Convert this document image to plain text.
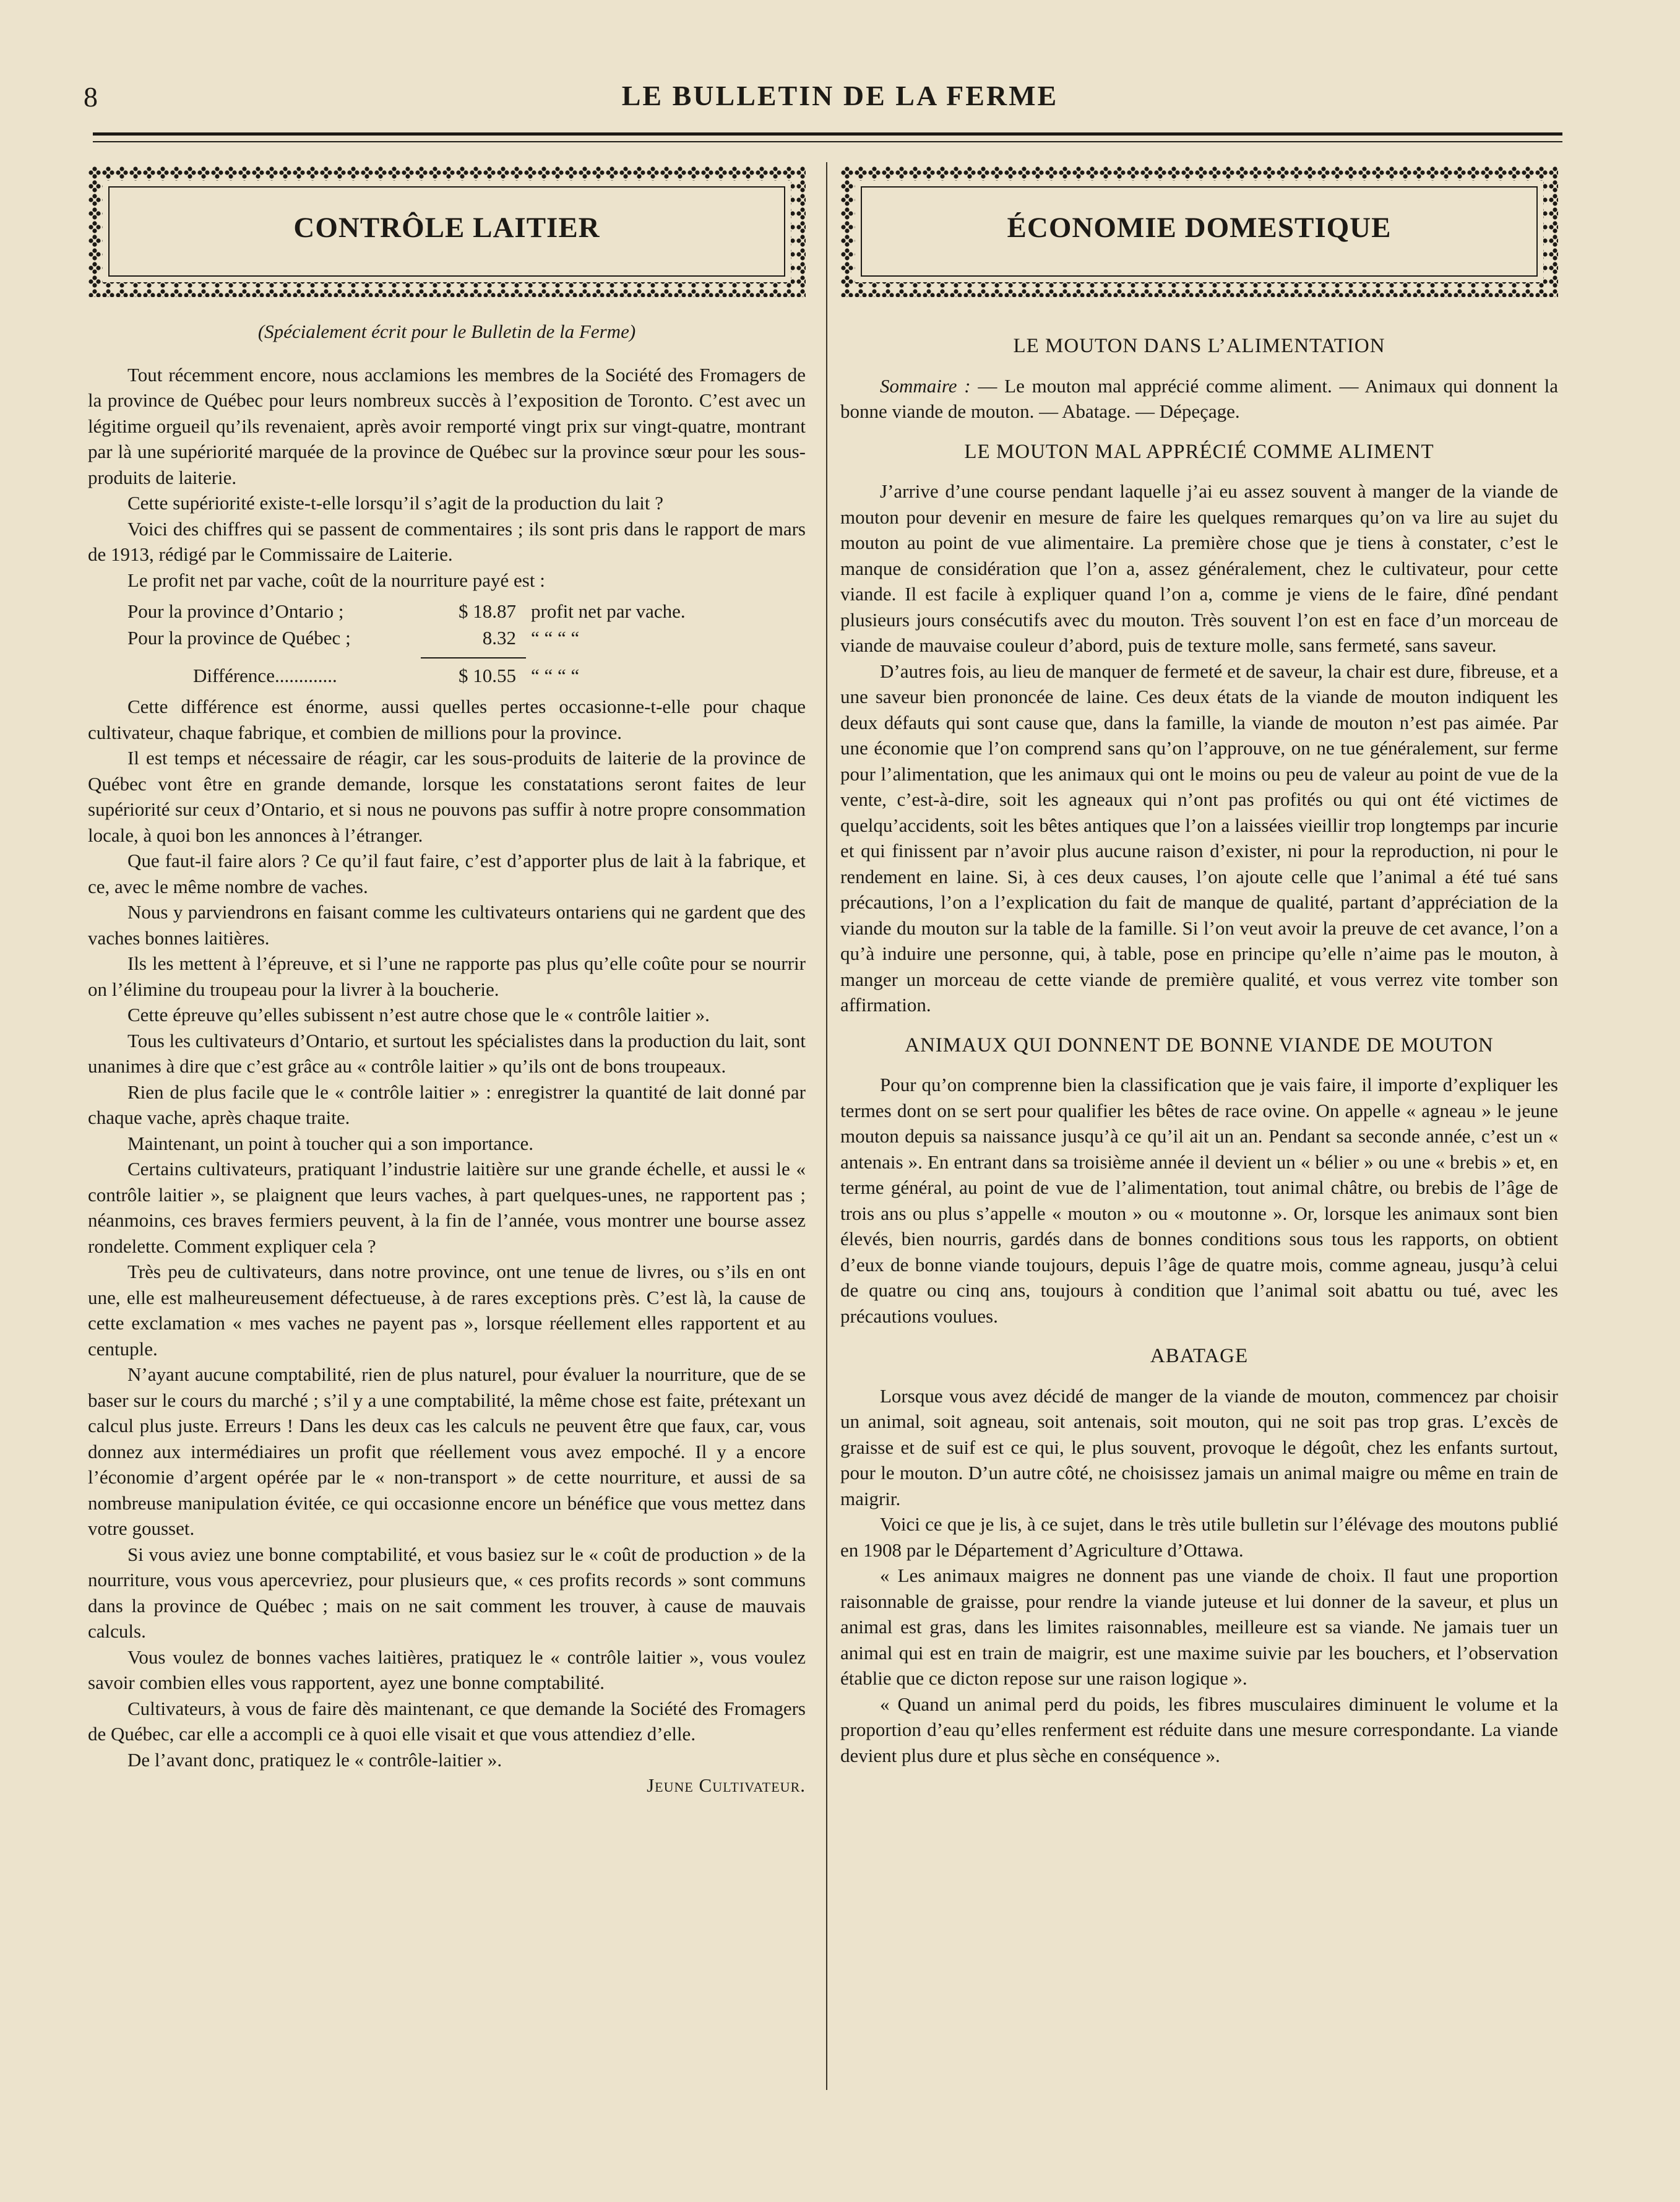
8	LE BULLETIN DE LA FERME
CONTRÔLE LAITIER	ÉCONOMIE DOMESTIQUE

(Spécialement écrit pour le Bulletin de la Ferme)

Tout récemment encore, nous acclamions les membres de la Société des Fromagers de la province de Québec pour leurs nombreux succès à l’exposition de Toronto. C’est avec un légitime orgueil qu’ils revenaient, après avoir remporté vingt prix sur vingt-quatre, montrant par là une supériorité marquée de la province de Québec sur la province sœur pour les sous-produits de laiterie.

Cette supériorité existe-t-elle lorsqu’il s’agit de la production du lait ?

Voici des chiffres qui se passent de commentaires ; ils sont pris dans le rapport de mars de 1913, rédigé par le Commissaire de Laiterie.

Le profit net par vache, coût de la nourriture payé est :

Pour la province d’Ontario ;	$ 18.87 profit net par vache.
Pour la province de Québec ;	8.32 “ “ “ “
Différence.............	$ 10.55 “ “ “ “

Cette différence est énorme, aussi quelles pertes occasionne-t-elle pour chaque cultivateur, chaque fabrique, et combien de millions pour la province.

Il est temps et nécessaire de réagir, car les sous-produits de laiterie de la province de Québec vont être en grande demande, lorsque les constatations seront faites de leur supériorité sur ceux d’Ontario, et si nous ne pouvons pas suffir à notre propre consommation locale, à quoi bon les annonces à l’étranger.

Que faut-il faire alors ? Ce qu’il faut faire, c’est d’apporter plus de lait à la fabrique, et ce, avec le même nombre de vaches.

Nous y parviendrons en faisant comme les cultivateurs ontariens qui ne gardent que des vaches bonnes laitières.

Ils les mettent à l’épreuve, et si l’une ne rapporte pas plus qu’elle coûte pour se nourrir on l’élimine du troupeau pour la livrer à la boucherie.

Cette épreuve qu’elles subissent n’est autre chose que le « contrôle laitier ».

Tous les cultivateurs d’Ontario, et surtout les spécialistes dans la production du lait, sont unanimes à dire que c’est grâce au « contrôle laitier » qu’ils ont de bons troupeaux.

Rien de plus facile que le « contrôle laitier » : enregistrer la quantité de lait donné par chaque vache, après chaque traite.

Maintenant, un point à toucher qui a son importance.

Certains cultivateurs, pratiquant l’industrie laitière sur une grande échelle, et aussi le « contrôle laitier », se plaignent que leurs vaches, à part quelques-unes, ne rapportent pas ; néanmoins, ces braves fermiers peuvent, à la fin de l’année, vous montrer une bourse assez rondelette. Comment expliquer cela ?

Très peu de cultivateurs, dans notre province, ont une tenue de livres, ou s’ils en ont une, elle est malheureusement défectueuse, à de rares exceptions près. C’est là, la cause de cette exclamation « mes vaches ne payent pas », lorsque réellement elles rapportent et au centuple.

N’ayant aucune comptabilité, rien de plus naturel, pour évaluer la nourriture, que de se baser sur le cours du marché ; s’il y a une comptabilité, la même chose est faite, prétexant un calcul plus juste. Erreurs ! Dans les deux cas les calculs ne peuvent être que faux, car, vous donnez aux intermédiaires un profit que réellement vous avez empoché. Il y a encore l’économie d’argent opérée par le « non-transport » de cette nourriture, et aussi de sa nombreuse manipulation évitée, ce qui occasionne encore un bénéfice que vous mettez dans votre gousset.

Si vous aviez une bonne comptabilité, et vous basiez sur le « coût de production » de la nourriture, vous vous apercevriez, pour plusieurs que, « ces profits records » sont communs dans la province de Québec ; mais on ne sait comment les trouver, à cause de mauvais calculs.

Vous voulez de bonnes vaches laitières, pratiquez le « contrôle laitier », vous voulez savoir combien elles vous rapportent, ayez une bonne comptabilité.

Cultivateurs, à vous de faire dès maintenant, ce que demande la Société des Fromagers de Québec, car elle a accompli ce à quoi elle visait et que vous attendiez d’elle.

De l’avant donc, pratiquez le « contrôle-laitier ».

Jeune Cultivateur.

LE MOUTON DANS L’ALIMENTATION

Sommaire : — Le mouton mal apprécié comme aliment. — Animaux qui donnent la bonne viande de mouton. — Abatage. — Dépeçage.

LE MOUTON MAL APPRÉCIÉ COMME ALIMENT

J’arrive d’une course pendant laquelle j’ai eu assez souvent à manger de la viande de mouton pour devenir en mesure de faire les quelques remarques qu’on va lire au sujet du mouton au point de vue alimentaire. La première chose que je tiens à constater, c’est le manque de considération que l’on a, assez généralement, chez le cultivateur, pour cette viande. Il est facile à expliquer quand l’on a, comme je viens de le faire, dîné pendant plusieurs jours consécutifs avec du mouton. Très souvent l’on est en face d’un morceau de viande de mauvaise couleur d’abord, puis de texture molle, sans fermeté, sans saveur.

D’autres fois, au lieu de manquer de fermeté et de saveur, la chair est dure, fibreuse, et a une saveur bien prononcée de laine. Ces deux états de la viande de mouton indiquent les deux défauts qui sont cause que, dans la famille, la viande de mouton n’est pas aimée. Par une économie que l’on comprend sans qu’on l’approuve, on ne tue généralement, sur ferme pour l’alimentation, que les animaux qui ont le moins ou peu de valeur au point de vue de la vente, c’est-à-dire, soit les agneaux qui n’ont pas profités ou qui ont été victimes de quelqu’accidents, soit les bêtes antiques que l’on a laissées vieillir trop longtemps par incurie et qui finissent par n’avoir plus aucune raison d’exister, ni pour la reproduction, ni pour le rendement en laine. Si, à ces deux causes, l’on ajoute celle que l’animal a été tué sans précautions, l’on a l’explication du fait de manque de qualité, partant d’appréciation de la viande du mouton sur la table de la famille. Si l’on veut avoir la preuve de cet avance, l’on a qu’à induire une personne, qui, à table, pose en principe qu’elle n’aime pas le mouton, à manger un morceau de cette viande de première qualité, et vous verrez vite tomber son affirmation.

ANIMAUX QUI DONNENT DE BONNE VIANDE DE MOUTON

Pour qu’on comprenne bien la classification que je vais faire, il importe d’expliquer les termes dont on se sert pour qualifier les bêtes de race ovine. On appelle « agneau » le jeune mouton depuis sa naissance jusqu’à ce qu’il ait un an. Pendant sa seconde année, c’est un « antenais ». En entrant dans sa troisième année il devient un « bélier » ou une « brebis » et, en terme général, au point de vue de l’alimentation, tout animal châtre, ou brebis de l’âge de trois ans ou plus s’appelle « mouton » ou « moutonne ». Or, lorsque les animaux sont bien élevés, bien nourris, gardés dans de bonnes conditions sous tous les rapports, on obtient d’eux de bonne viande toujours, depuis l’âge de quatre mois, comme agneau, jusqu’à celui de quatre ou cinq ans, toujours à condition que l’animal soit abattu ou tué, avec les précautions voulues.

ABATAGE

Lorsque vous avez décidé de manger de la viande de mouton, commencez par choisir un animal, soit agneau, soit antenais, soit mouton, qui ne soit pas trop gras. L’excès de graisse et de suif est ce qui, le plus souvent, provoque le dégoût, chez les enfants surtout, pour le mouton. D’un autre côté, ne choisissez jamais un animal maigre ou même en train de maigrir.

Voici ce que je lis, à ce sujet, dans le très utile bulletin sur l’élévage des moutons publié en 1908 par le Département d’Agriculture d’Ottawa.

« Les animaux maigres ne donnent pas une viande de choix. Il faut une proportion raisonnable de graisse, pour rendre la viande juteuse et lui donner de la saveur, et plus un animal est gras, dans les limites raisonnables, meilleure est sa viande. Ne jamais tuer un animal qui est en train de maigrir, est une maxime suivie par les bouchers, et l’observation établie que ce dicton repose sur une raison logique ».

« Quand un animal perd du poids, les fibres musculaires diminuent le volume et la proportion d’eau qu’elles renferment est réduite dans une mesure correspondante. La viande devient plus dure et plus sèche en conséquence ».
